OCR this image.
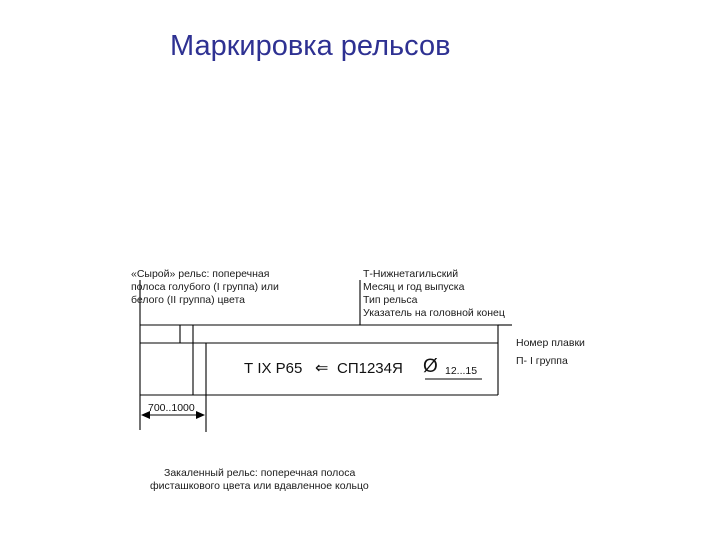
Маркировка рельсов
«Сырой» рельс: поперечная
полоса голубого (I группа) или
белого (II группа) цвета
Т-Нижнетагильский
Месяц и год выпуска
Тип рельса
Указатель на головной конец
Номер плавки
П- I группа
Т IX Р65 ⇐ СП1234Я Ø 12...15
700..1000
Закаленный рельс: поперечная полоса
фисташкового цвета или вдавленное кольцо
